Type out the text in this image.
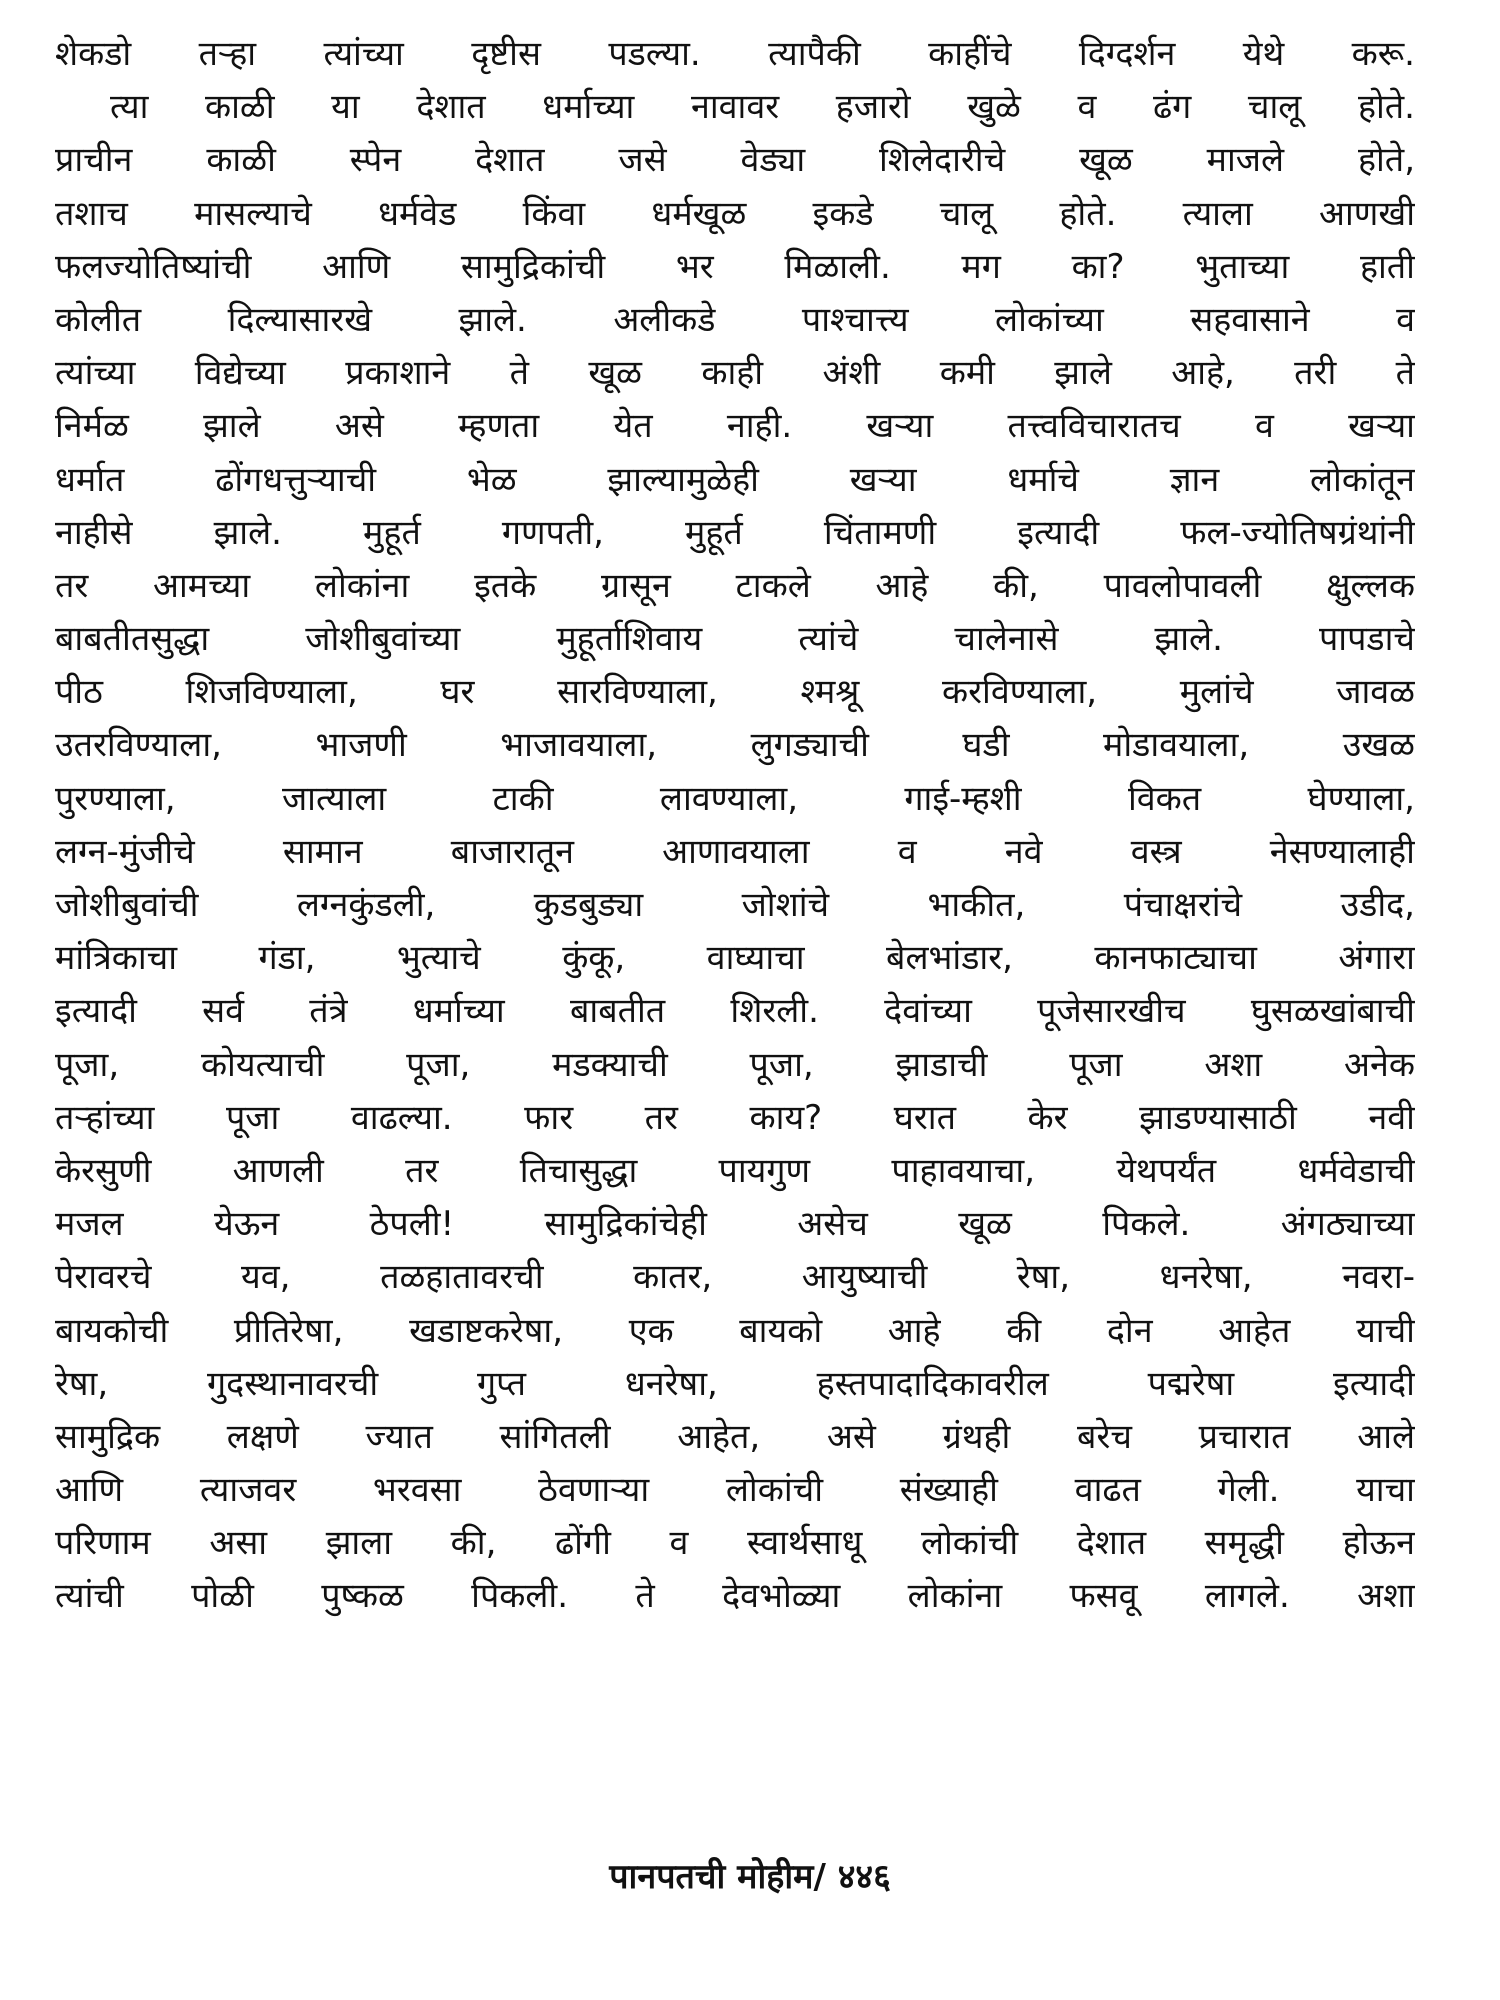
शेकडो तऱ्हा त्यांच्या दृष्टीस पडल्या. त्यापैकी काहींचे दिग्दर्शन येथे करू.
त्या काळी या देशात धर्माच्या नावावर हजारो खुळे व ढंग चालू होते.
प्राचीन काळी स्पेन देशात जसे वेड्या शिलेदारीचे खूळ माजले होते,
तशाच मासल्याचे धर्मवेड किंवा धर्मखूळ इकडे चालू होते. त्याला आणखी
फलज्योतिष्यांची आणि सामुद्रिकांची भर मिळाली. मग का? भुताच्या हाती
कोलीत दिल्यासारखे झाले. अलीकडे पाश्चात्त्य लोकांच्या सहवासाने व
त्यांच्या विद्येच्या प्रकाशाने ते खूळ काही अंशी कमी झाले आहे, तरी ते
निर्मळ झाले असे म्हणता येत नाही. खऱ्या तत्त्वविचारातच व खऱ्या
धर्मात ढोंगधत्तुऱ्याची भेळ झाल्यामुळेही खऱ्या धर्माचे ज्ञान लोकांतून
नाहीसे झाले. मुहूर्त गणपती, मुहूर्त चिंतामणी इत्यादी फल-ज्योतिषग्रंथांनी
तर आमच्या लोकांना इतके ग्रासून टाकले आहे की, पावलोपावली क्षुल्लक
बाबतीतसुद्धा जोशीबुवांच्या मुहूर्ताशिवाय त्यांचे चालेनासे झाले. पापडाचे
पीठ शिजविण्याला, घर सारविण्याला, श्मश्रू करविण्याला, मुलांचे जावळ
उतरविण्याला, भाजणी भाजावयाला, लुगड्याची घडी मोडावयाला, उखळ
पुरण्याला, जात्याला टाकी लावण्याला, गाई-म्हशी विकत घेण्याला,
लग्न-मुंजीचे सामान बाजारातून आणावयाला व नवे वस्त्र नेसण्यालाही
जोशीबुवांची लग्नकुंडली, कुडबुड्या जोशांचे भाकीत, पंचाक्षरांचे उडीद,
मांत्रिकाचा गंडा, भुत्याचे कुंकू, वाघ्याचा बेलभांडार, कानफाट्याचा अंगारा
इत्यादी सर्व तंत्रे धर्माच्या बाबतीत शिरली. देवांच्या पूजेसारखीच घुसळखांबाची
पूजा, कोयत्याची पूजा, मडक्याची पूजा, झाडाची पूजा अशा अनेक
तऱ्हांच्या पूजा वाढल्या. फार तर काय? घरात केर झाडण्यासाठी नवी
केरसुणी आणली तर तिचासुद्धा पायगुण पाहावयाचा, येथपर्यंत धर्मवेडाची
मजल येऊन ठेपली! सामुद्रिकांचेही असेच खूळ पिकले. अंगठ्याच्या
पेरावरचे यव, तळहातावरची कातर, आयुष्याची रेषा, धनरेषा, नवरा-
बायकोची प्रीतिरेषा, खडाष्टकरेषा, एक बायको आहे की दोन आहेत याची
रेषा, गुदस्थानावरची गुप्त धनरेषा, हस्तपादादिकावरील पद्मरेषा इत्यादी
सामुद्रिक लक्षणे ज्यात सांगितली आहेत, असे ग्रंथही बरेच प्रचारात आले
आणि त्याजवर भरवसा ठेवणाऱ्या लोकांची संख्याही वाढत गेली. याचा
परिणाम असा झाला की, ढोंगी व स्वार्थसाधू लोकांची देशात समृद्धी होऊन
त्यांची पोळी पुष्कळ पिकली. ते देवभोळ्या लोकांना फसवू लागले. अशा
पानपतची मोहीम/ ४४६
